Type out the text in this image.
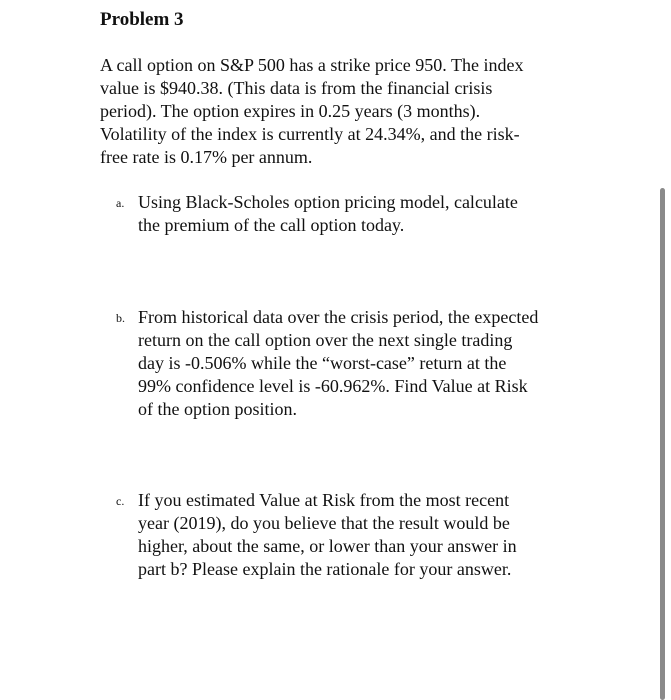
Problem 3

A call option on S&P 500 has a strike price 950. The index
value is $940.38. (This data is from the financial crisis
period). The option expires in 0.25 years (3 months).
Volatility of the index is currently at 24.34%, and the risk-
free rate is 0.17% per annum.

a. Using Black-Scholes option pricing model, calculate
the premium of the call option today.
b. From historical data over the crisis period, the expected
return on the call option over the next single trading
day is -0.506% while the “worst-case” return at the
99% confidence level is -60.962%. Find Value at Risk
of the option position.
c. If you estimated Value at Risk from the most recent
year (2019), do you believe that the result would be
higher, about the same, or lower than your answer in
part b? Please explain the rationale for your answer.
